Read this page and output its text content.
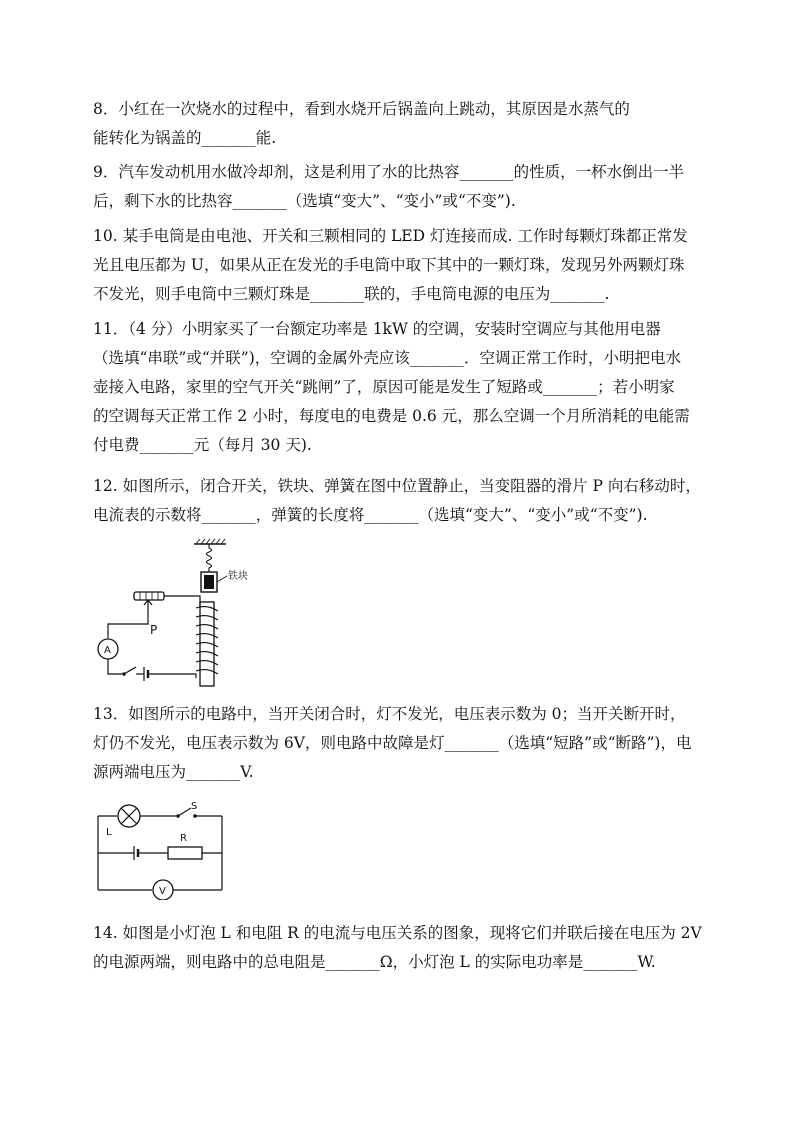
8．小红在一次烧水的过程中，看到水烧开后锅盖向上跳动，其原因是水蒸气的

能转化为锅盖的_______能.

9．汽车发动机用水做冷却剂，这是利用了水的比热容_______的性质，一杯水倒出一半

后，剩下水的比热容_______（选填“变大”、“变小”或“不变”).

10. 某手电筒是由电池、开关和三颗相同的 LED 灯连接而成. 工作时每颗灯珠都正常发

光且电压都为 U，如果从正在发光的手电筒中取下其中的一颗灯珠，发现另外两颗灯珠

不发光，则手电筒中三颗灯珠是_______联的，手电筒电源的电压为_______.

11．（4 分）小明家买了一台额定功率是 1kW 的空调，安装时空调应与其他用电器

（选填“串联”或“并联”)，空调的金属外壳应该_______．空调正常工作时，小明把电水

壶接入电路，家里的空气开关“跳闸”了，原因可能是发生了短路或_______；若小明家

的空调每天正常工作 2 小时，每度电的电费是 0.6 元，那么空调一个月所消耗的电能需

付电费_______元（每月 30 天).

12. 如图所示，闭合开关，铁块、弹簧在图中位置静止，当变阻器的滑片 P 向右移动时，

电流表的示数将_______，弹簧的长度将_______（选填“变大”、“变小”或“不变”).

铁块
P
A

13．如图所示的电路中，当开关闭合时，灯不发光，电压表示数为 0；当开关断开时，

灯仍不发光，电压表示数为 6V，则电路中故障是灯_______（选填“短路”或“断路”)，电

源两端电压为_______V.

S
L
R
V

14. 如图是小灯泡 L 和电阻 R 的电流与电压关系的图象，现将它们并联后接在电压为 2V

的电源两端，则电路中的总电阻是_______Ω，小灯泡 L 的实际电功率是_______W.
